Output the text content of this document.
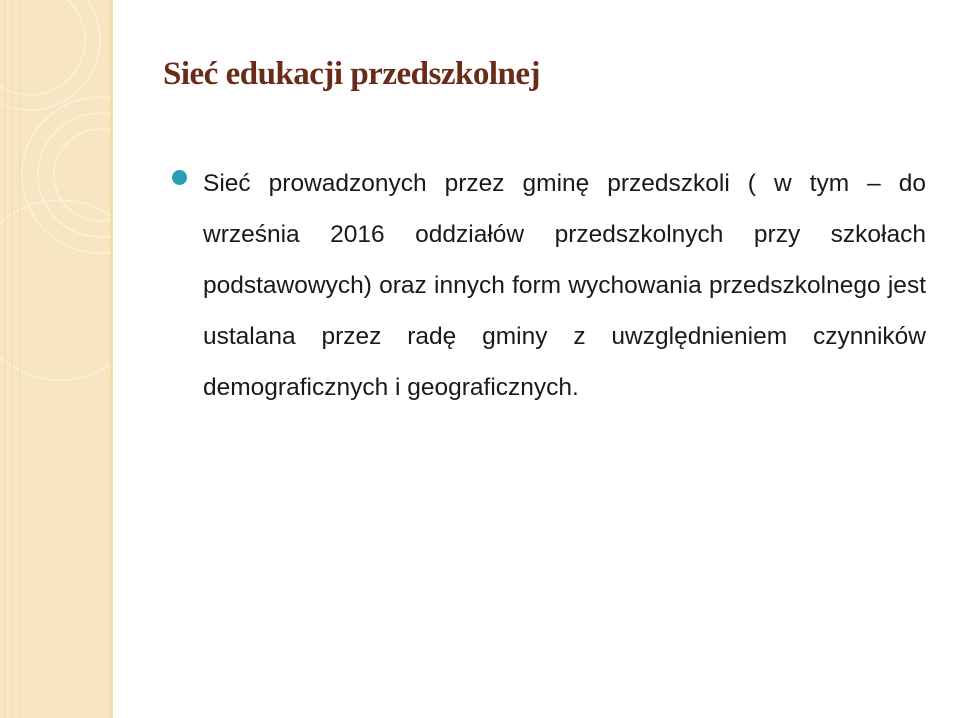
Sieć edukacji przedszkolnej

Sieć prowadzonych przez gminę przedszkoli ( w tym – do września 2016 oddziałów przedszkolnych przy szkołach podstawowych) oraz innych form wychowania przedszkolnego jest ustalana przez radę gminy z uwzględnieniem czynników demograficznych i geograficznych.
